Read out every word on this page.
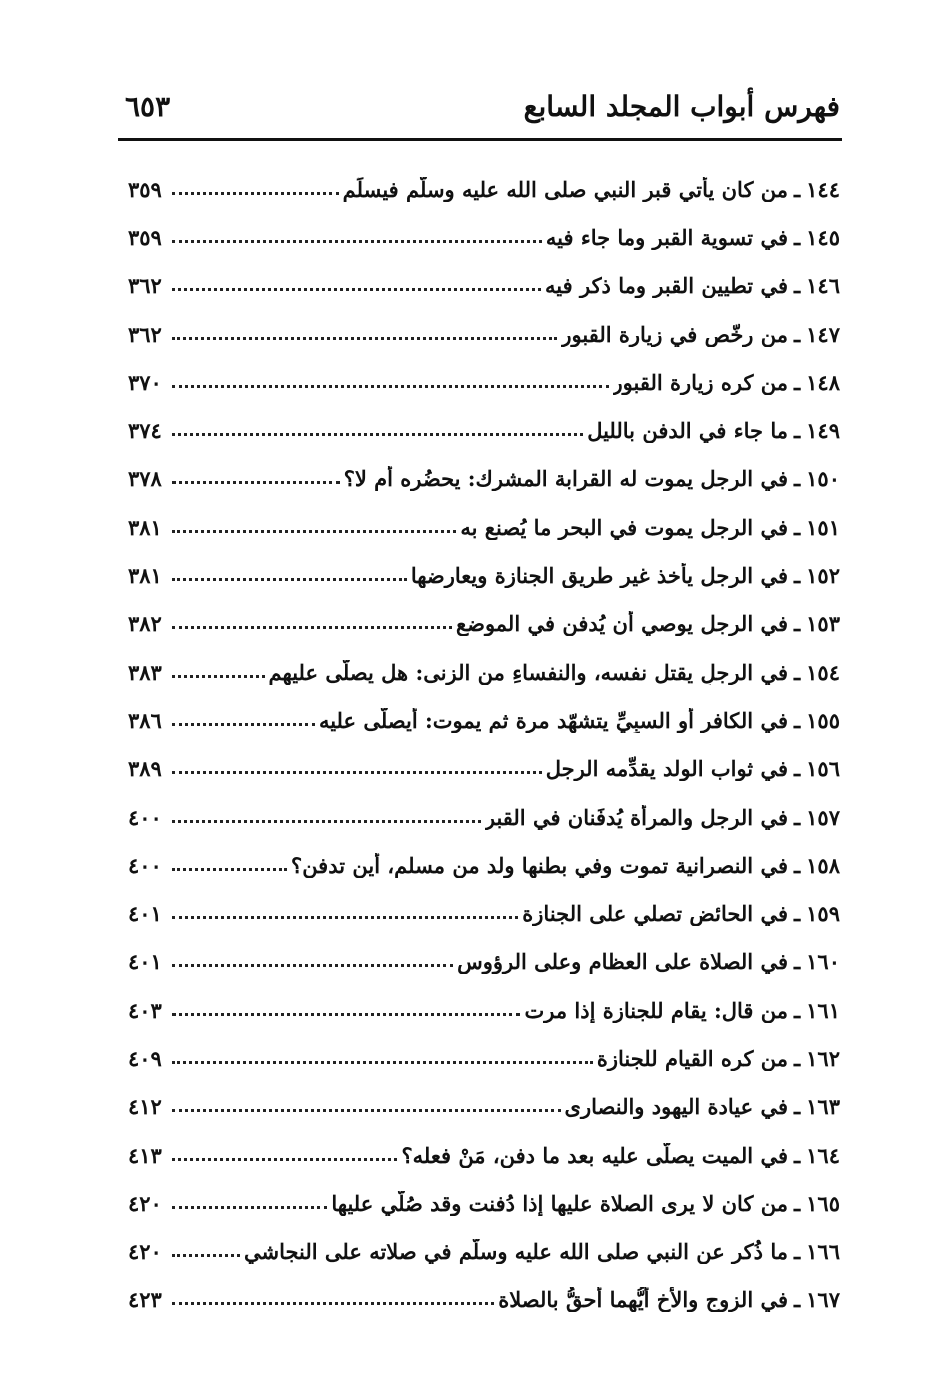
فهرس أبواب المجلد السابع
٦٥٣
١٤٤
ـ
من كان يأتي قبر النبي صلى الله عليه وسلّم فيسلِّم
٣٥٩
١٤٥
ـ
في تسوية القبر وما جاء فيه
٣٥٩
١٤٦
ـ
في تطيين القبر وما ذكر فيه
٣٦٢
١٤٧
ـ
من رخّص في زيارة القبور
٣٦٢
١٤٨
ـ
من كره زيارة القبور
٣٧٠
١٤٩
ـ
ما جاء في الدفن بالليل
٣٧٤
١٥٠
ـ
في الرجل يموت له القرابة المشرك: يحضُره أم لا؟
٣٧٨
١٥١
ـ
في الرجل يموت في البحر ما يُصنع به
٣٨١
١٥٢
ـ
في الرجل يأخذ غير طريق الجنازة ويعارضها
٣٨١
١٥٣
ـ
في الرجل يوصي أن يُدفن في الموضع
٣٨٢
١٥٤
ـ
في الرجلِ يقتل نفسه، والنفساءِ من الزنى: هل يصلَّى عليهم
٣٨٣
١٥٥
ـ
في الكافر أو السبِيِّ يتشهّد مرة ثم يموت: أيصلَّى عليه
٣٨٦
١٥٦
ـ
في ثواب الولد يقدِّمه الرجل
٣٨٩
١٥٧
ـ
في الرجل والمرأة يُدفَنان في القبر
٤٠٠
١٥٨
ـ
في النصرانية تموت وفي بطنها ولد من مسلم، أين تدفن؟
٤٠٠
١٥٩
ـ
في الحائض تصلي على الجنازة
٤٠١
١٦٠
ـ
في الصلاة على العظام وعلى الرؤوس
٤٠١
١٦١
ـ
من قال: يقام للجنازة إذا مرت
٤٠٣
١٦٢
ـ
من كره القيام للجنازة
٤٠٩
١٦٣
ـ
في عيادة اليهود والنصارى
٤١٢
١٦٤
ـ
في الميت يصلّى عليه بعد ما دفن، مَنْ فعله؟
٤١٣
١٦٥
ـ
من كان لا يرى الصلاة عليها إذا دُفنت وقد صُلّي عليها
٤٢٠
١٦٦
ـ
ما ذُكر عن النبي صلى الله عليه وسلّم في صلاته على النجاشي
٤٢٠
١٦٧
ـ
في الزوج والأخ أيُّهما أحقُّ بالصلاة
٤٢٣
